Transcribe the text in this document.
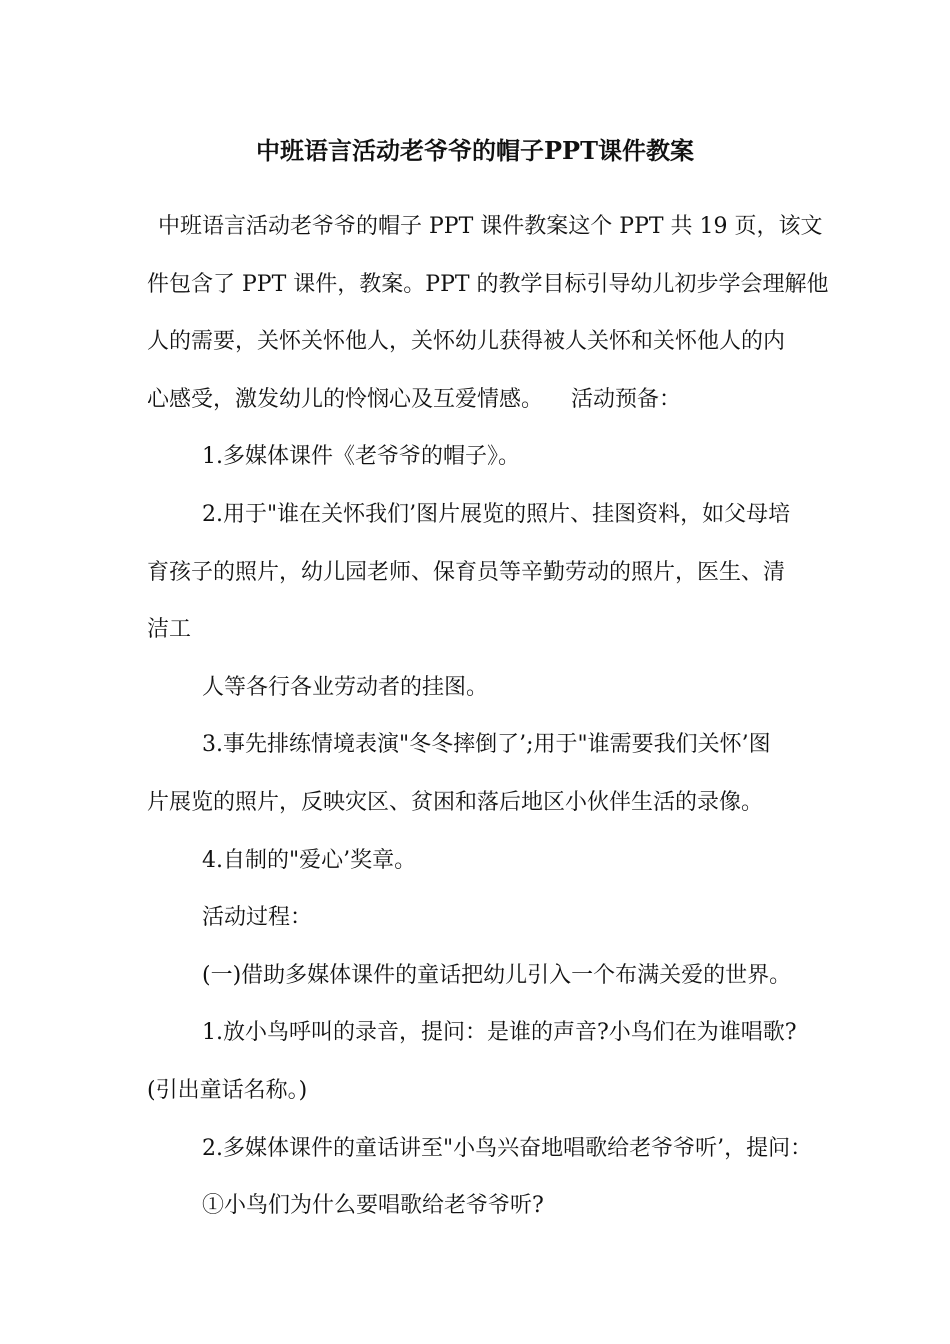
中班语言活动老爷爷的帽子PPT课件教案

中班语言活动老爷爷的帽子 PPT 课件教案这个 PPT 共 19 页，该文

件包含了 PPT 课件，教案。PPT 的教学目标引导幼儿初步学会理解他

人的需要，关怀关怀他人，关怀幼儿获得被人关怀和关怀他人的内

心感受，激发幼儿的怜悯心及互爱情感。    活动预备：

1.多媒体课件《老爷爷的帽子》。

2.用于"谁在关怀我们’图片展览的照片、挂图资料，如父母培

育孩子的照片，幼儿园老师、保育员等辛勤劳动的照片，医生、清

洁工

人等各行各业劳动者的挂图。

3.事先排练情境表演"冬冬摔倒了’;用于"谁需要我们关怀’图

片展览的照片，反映灾区、贫困和落后地区小伙伴生活的录像。

4.自制的"爱心’奖章。

活动过程：

(一)借助多媒体课件的童话把幼儿引入一个布满关爱的世界。

1.放小鸟呼叫的录音，提问：是谁的声音?小鸟们在为谁唱歌?

(引出童话名称。)

2.多媒体课件的童话讲至"小鸟兴奋地唱歌给老爷爷听’，提问：

①小鸟们为什么要唱歌给老爷爷听?
